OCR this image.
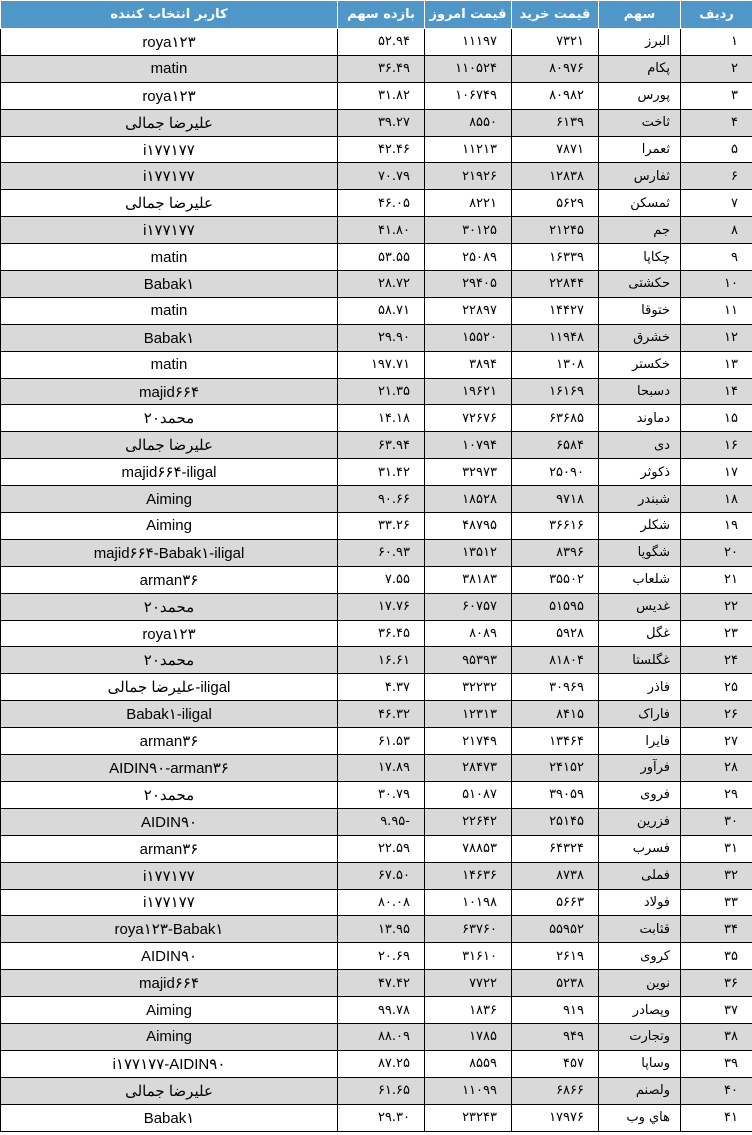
ردیف	سهم	قیمت خرید	قیمت امروز	بازده سهم	کاربر انتخاب کننده
۱	البرز	۷۳۲۱	۱۱۱۹۷	۵۲.۹۴	roya۱۲۳
۲	پکام	۸۰۹۷۶	۱۱۰۵۲۴	۳۶.۴۹	matin
۳	پورس	۸۰۹۸۲	۱۰۶۷۴۹	۳۱.۸۲	roya۱۲۳
۴	ثاخت	۶۱۳۹	۸۵۵۰	۳۹.۲۷	علیرضا جمالی
۵	ثعمرا	۷۸۷۱	۱۱۲۱۳	۴۲.۴۶	i۱۷۷۱۷۷
۶	ثفارس	۱۲۸۳۸	۲۱۹۲۶	۷۰.۷۹	i۱۷۷۱۷۷
۷	ثمسکن	۵۶۲۹	۸۲۲۱	۴۶.۰۵	علیرضا جمالی
۸	جم	۲۱۲۴۵	۳۰۱۲۵	۴۱.۸۰	i۱۷۷۱۷۷
۹	چکاپا	۱۶۳۳۹	۲۵۰۸۹	۵۳.۵۵	matin
۱۰	حکشتی	۲۲۸۴۴	۲۹۴۰۵	۲۸.۷۲	Babak۱
۱۱	ختوقا	۱۴۴۲۷	۲۲۸۹۷	۵۸.۷۱	matin
۱۲	خشرق	۱۱۹۴۸	۱۵۵۲۰	۲۹.۹۰	Babak۱
۱۳	خکستر	۱۳۰۸	۳۸۹۴	۱۹۷.۷۱	matin
۱۴	دسبحا	۱۶۱۶۹	۱۹۶۲۱	۲۱.۳۵	majid۶۶۴
۱۵	دماوند	۶۳۶۸۵	۷۲۶۷۶	۱۴.۱۸	محمد۲۰
۱۶	دی	۶۵۸۴	۱۰۷۹۴	۶۳.۹۴	علیرضا جمالی
۱۷	ذکوثر	۲۵۰۹۰	۳۲۹۷۳	۳۱.۴۲	majid۶۶۴-iligal
۱۸	شبندر	۹۷۱۸	۱۸۵۲۸	۹۰.۶۶	Aiming
۱۹	شکلر	۳۶۶۱۶	۴۸۷۹۵	۳۳.۲۶	Aiming
۲۰	شگویا	۸۳۹۶	۱۳۵۱۲	۶۰.۹۳	majid۶۶۴-Babak۱-iligal
۲۱	شلعاب	۳۵۵۰۲	۳۸۱۸۳	۷.۵۵	arman۳۶
۲۲	غدیس	۵۱۵۹۵	۶۰۷۵۷	۱۷.۷۶	محمد۲۰
۲۳	غگل	۵۹۲۸	۸۰۸۹	۳۶.۴۵	roya۱۲۳
۲۴	غگلستا	۸۱۸۰۴	۹۵۳۹۳	۱۶.۶۱	محمد۲۰
۲۵	فاذر	۳۰۹۶۹	۳۲۲۳۲	۴.۳۷	علیرضا جمالی-iligal
۲۶	فاراک	۸۴۱۵	۱۲۳۱۳	۴۶.۳۲	Babak۱-iligal
۲۷	فایرا	۱۳۴۶۴	۲۱۷۴۹	۶۱.۵۳	arman۳۶
۲۸	فرآور	۲۴۱۵۲	۲۸۴۷۳	۱۷.۸۹	AIDIN۹۰-arman۳۶
۲۹	فروی	۳۹۰۵۹	۵۱۰۸۷	۳۰.۷۹	محمد۲۰
۳۰	فزرین	۲۵۱۴۵	۲۲۶۴۲	-۹.۹۵	AIDIN۹۰
۳۱	فسرب	۶۴۳۲۴	۷۸۸۵۳	۲۲.۵۹	arman۳۶
۳۲	فملی	۸۷۳۸	۱۴۶۳۶	۶۷.۵۰	i۱۷۷۱۷۷
۳۳	فولاد	۵۶۶۳	۱۰۱۹۸	۸۰.۰۸	i۱۷۷۱۷۷
۳۴	قثابت	۵۵۹۵۲	۶۳۷۶۰	۱۳.۹۵	roya۱۲۳-Babak۱
۳۵	کروی	۲۶۱۹	۳۱۶۱۰	۲۰.۶۹	AIDIN۹۰
۳۶	نوین	۵۲۳۸	۷۷۲۲	۴۷.۴۲	majid۶۶۴
۳۷	وپصادر	۹۱۹	۱۸۳۶	۹۹.۷۸	Aiming
۳۸	وتجارت	۹۴۹	۱۷۸۵	۸۸.۰۹	Aiming
۳۹	وساپا	۴۵۷	۸۵۵۹	۸۷.۲۵	i۱۷۷۱۷۷-AIDIN۹۰
۴۰	ولصنم	۶۸۶۶	۱۱۰۹۹	۶۱.۶۵	علیرضا جمالی
۴۱	هاي وب	۱۷۹۷۶	۲۳۲۴۳	۲۹.۳۰	Babak۱
